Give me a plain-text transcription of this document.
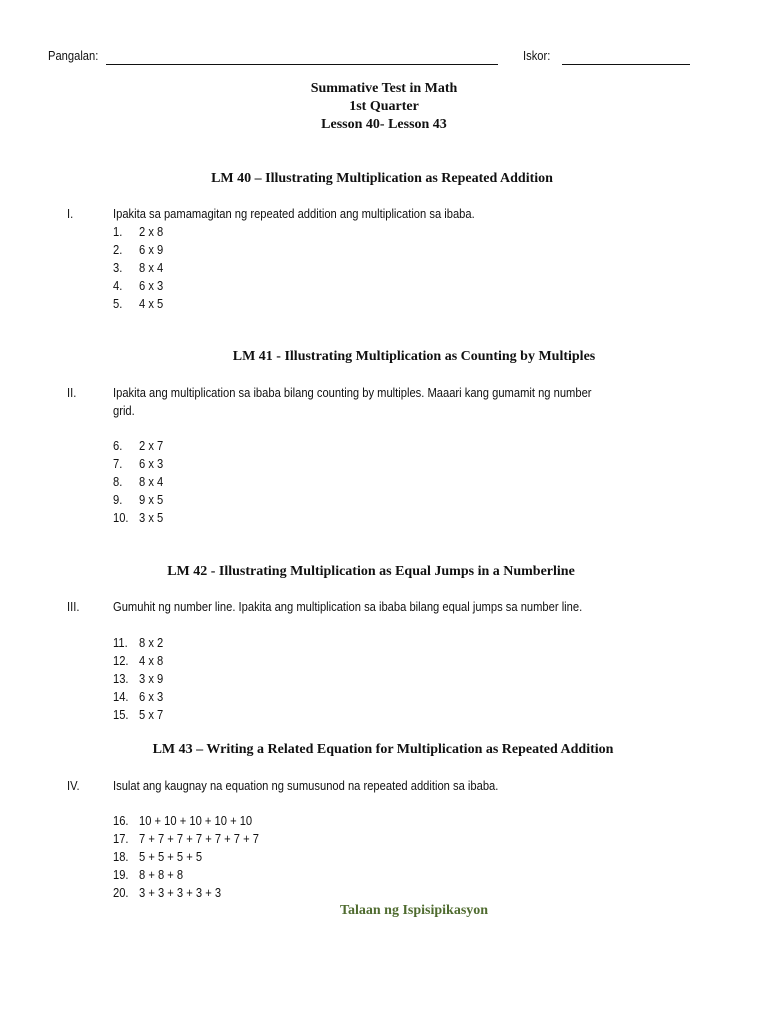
Pangalan:	Iskor:
Summative Test in Math
1st Quarter
Lesson 40- Lesson 43
LM 40 – Illustrating Multiplication as Repeated Addition
I.	Ipakita sa pamamagitan ng repeated addition ang multiplication sa ibaba.
1. 2 x 8
2. 6 x 9
3. 8 x 4
4. 6 x 3
5. 4 x 5
LM 41 - Illustrating Multiplication as Counting by Multiples
II.	Ipakita ang multiplication sa ibaba bilang counting by multiples. Maaari kang gumamit ng number
grid.
6. 2 x 7
7. 6 x 3
8. 8 x 4
9. 9 x 5
10. 3 x 5
LM 42 - Illustrating Multiplication as Equal Jumps in a Numberline
III.	Gumuhit ng number line. Ipakita ang multiplication sa ibaba bilang equal jumps sa number line.
11. 8 x 2
12. 4 x 8
13. 3 x 9
14. 6 x 3
15. 5 x 7
LM 43 – Writing a Related Equation for Multiplication as Repeated Addition
IV.	Isulat ang kaugnay na equation ng sumusunod na repeated addition sa ibaba.
16. 10 + 10 + 10 + 10 + 10
17. 7 + 7 + 7 + 7 + 7 + 7 + 7
18. 5 + 5 + 5 + 5
19. 8 + 8 + 8
20. 3 + 3 + 3 + 3 + 3
Talaan ng Ispisipikasyon
